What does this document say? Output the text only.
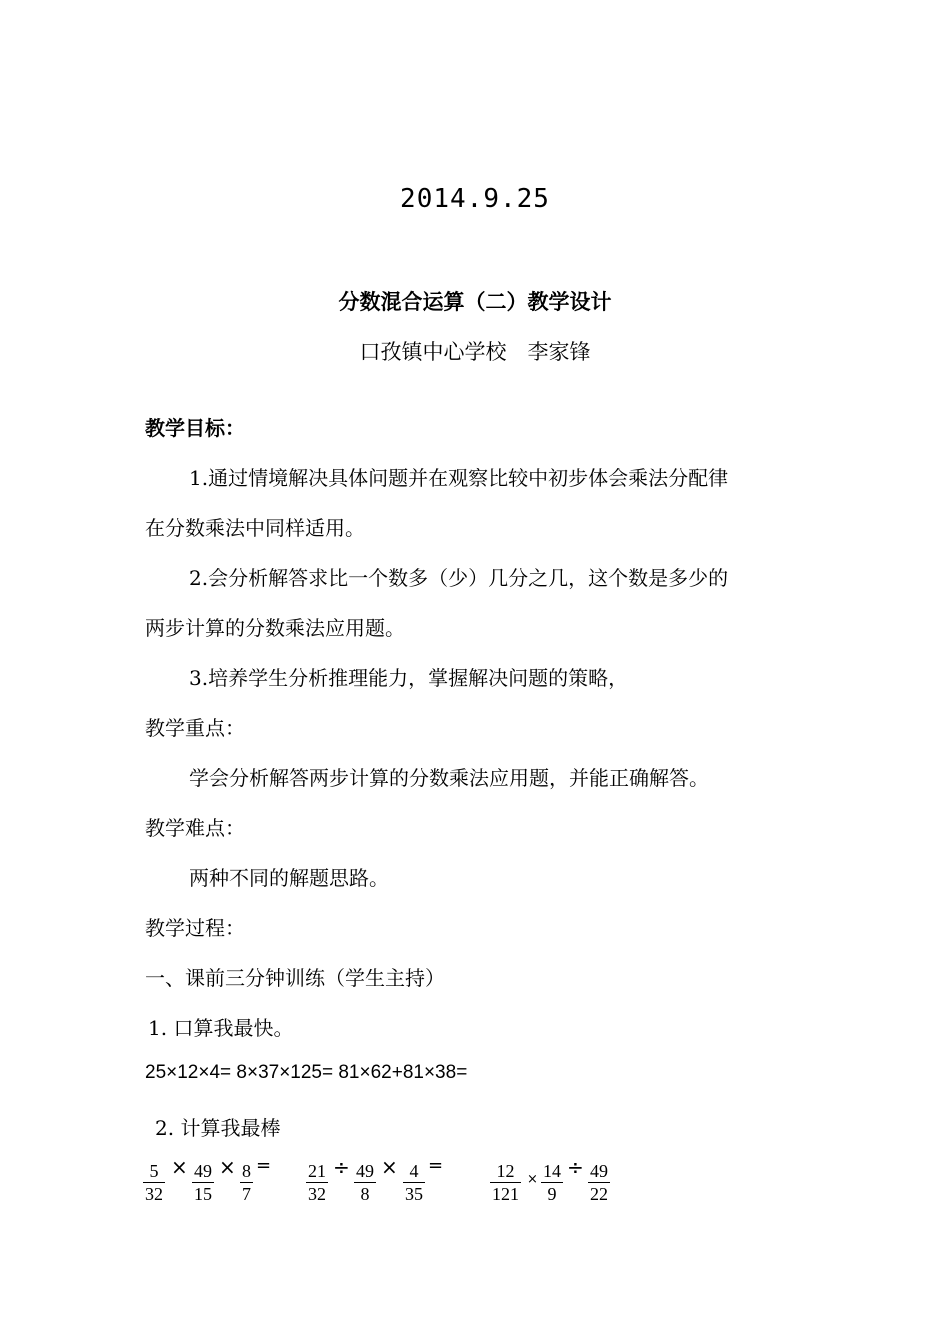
2014.9.25
分数混合运算（二）教学设计
口孜镇中心学校　李家锋
教学目标：
1.通过情境解决具体问题并在观察比较中初步体会乘法分配律
在分数乘法中同样适用。
2.会分析解答求比一个数多（少）几分之几，这个数是多少的
两步计算的分数乘法应用题。
3.培养学生分析推理能力，掌握解决问题的策略，
教学重点：
学会分析解答两步计算的分数乘法应用题，并能正确解答。
教学难点：
两种不同的解题思路。
教学过程：
一、课前三分钟训练（学生主持）
1. 口算我最快。
25×12×4= 8×37×125= 81×62+81×38=
2. 计算我最棒
$\frac{5}{32} \times \frac{49}{15} \times \frac{8}{7} = \frac{21}{32} \div \frac{49}{8} \times \frac{4}{35}$ =	$\frac{12}{121} \times \frac{14}{9} \div \frac{49}{22}$
